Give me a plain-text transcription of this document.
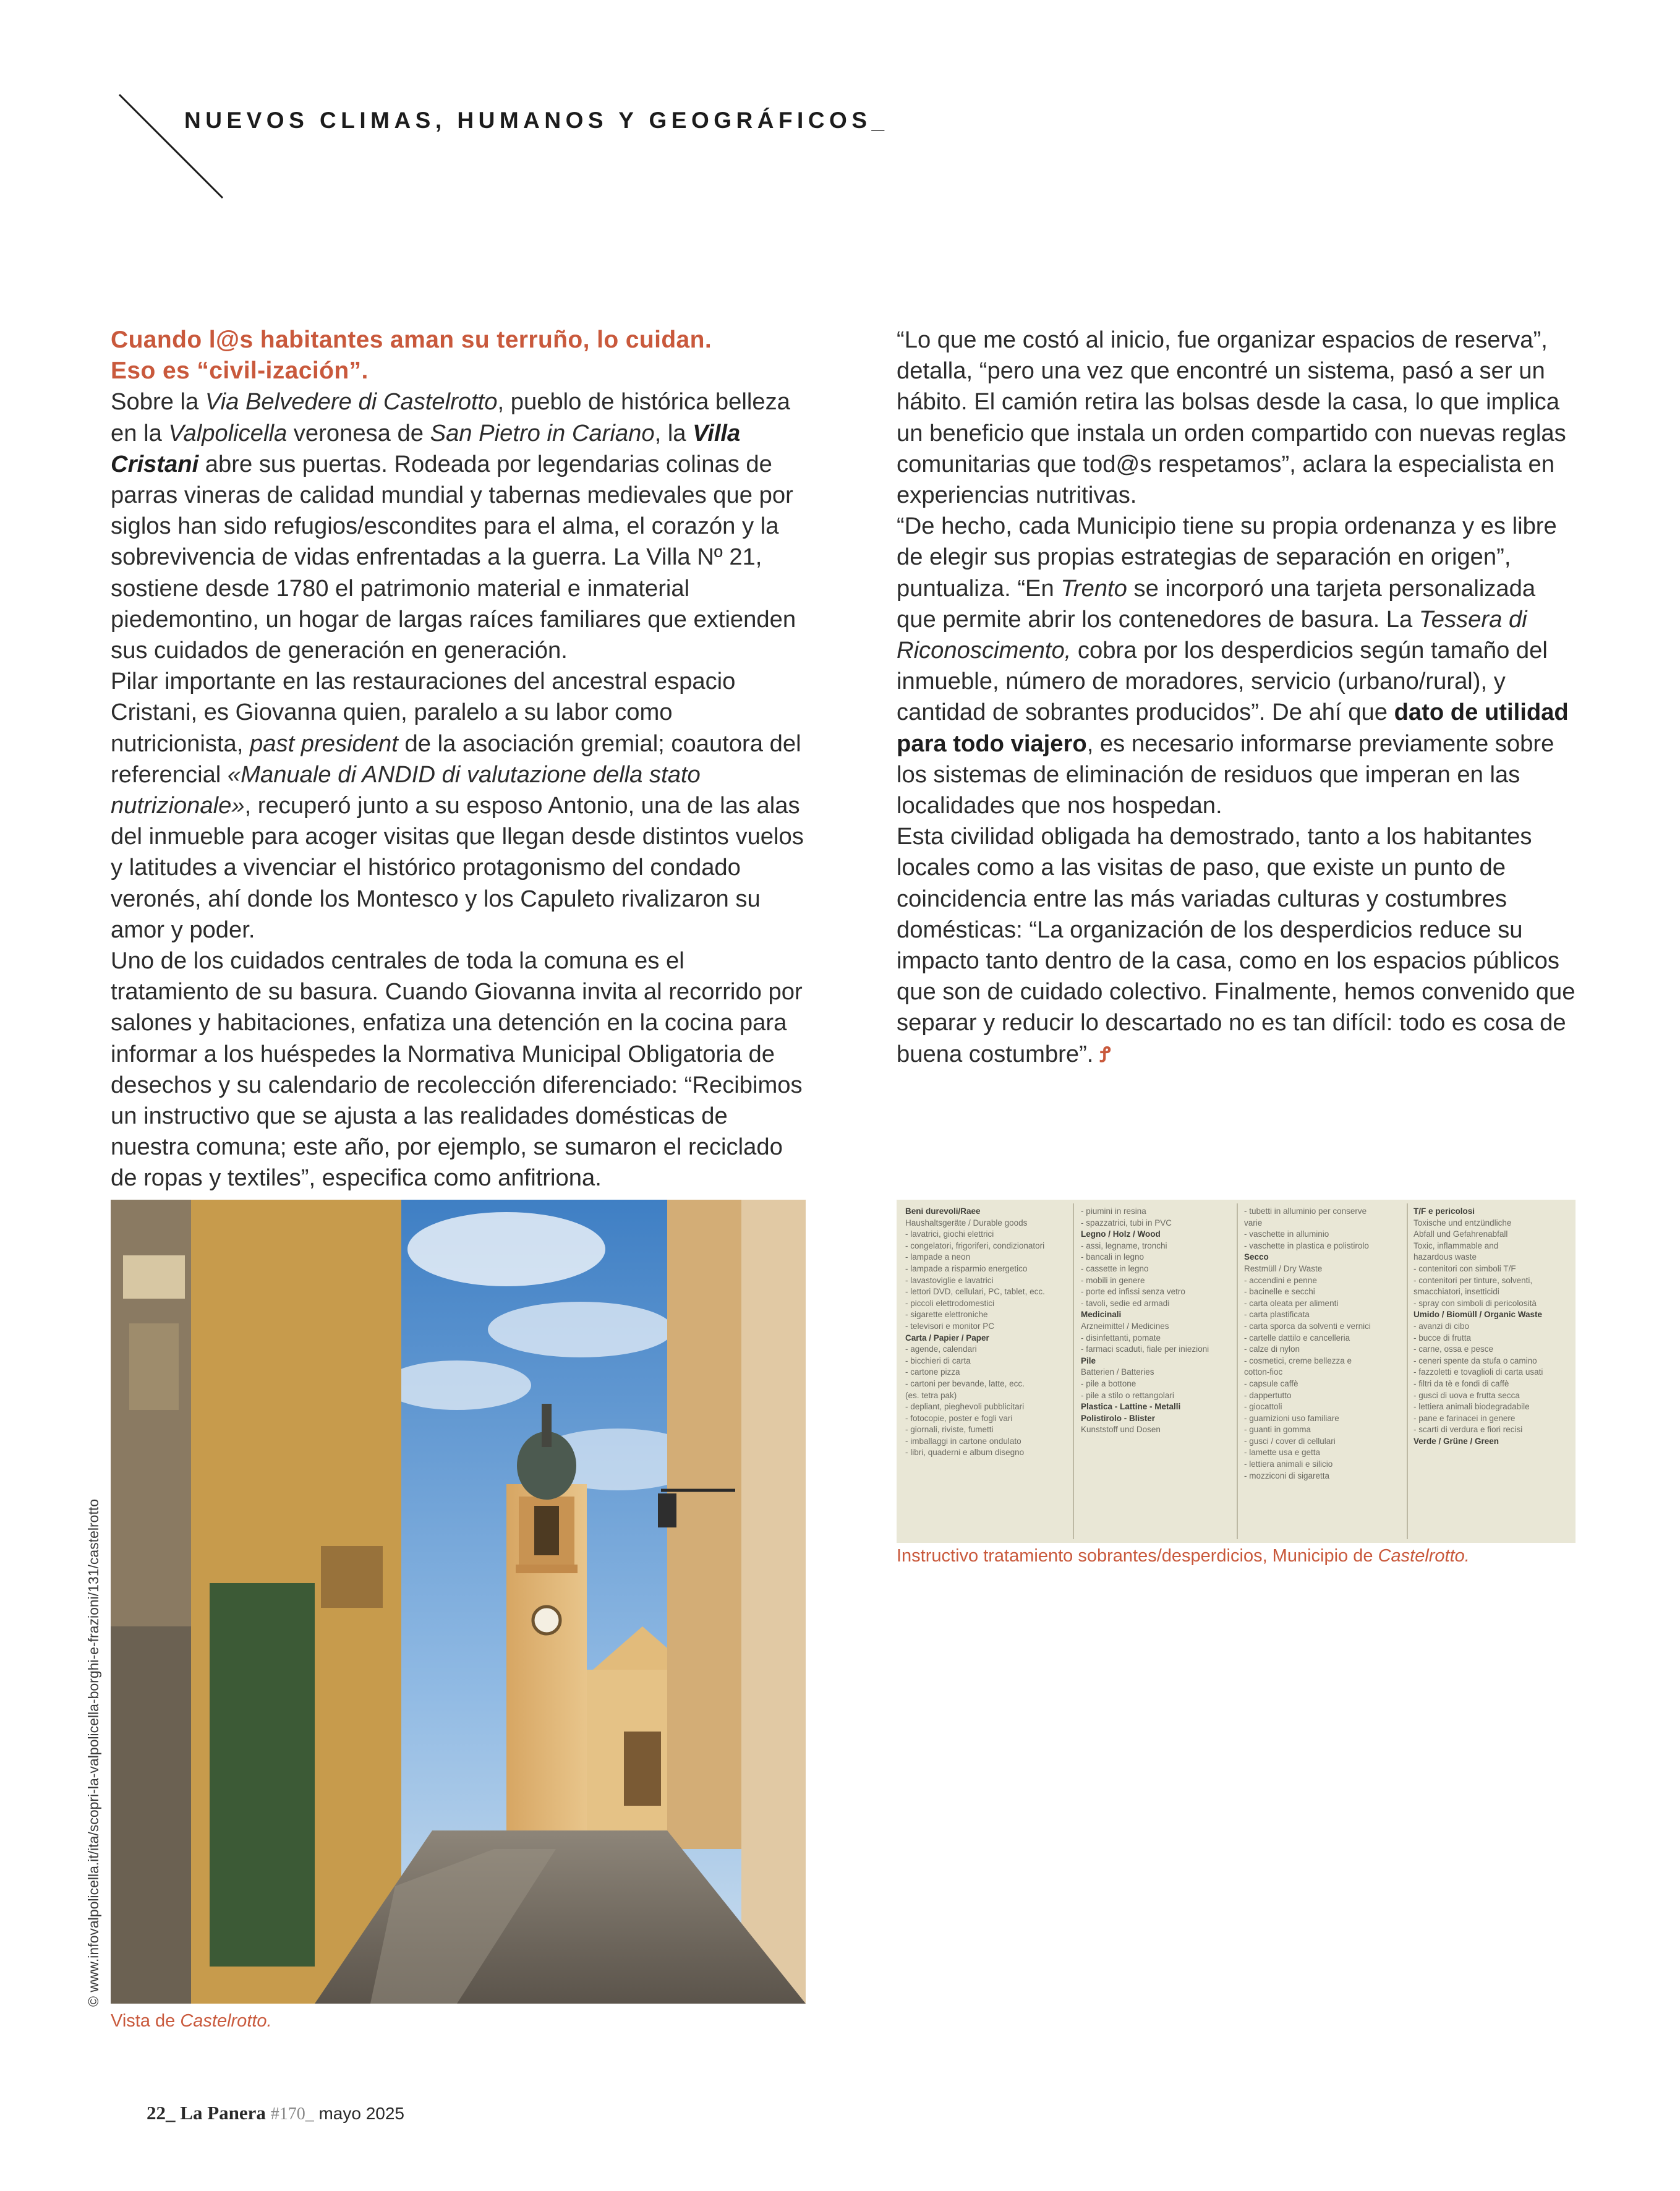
NUEVOS CLIMAS, HUMANOS Y GEOGRÁFICOS_

Cuando l@s habitantes aman su terruño, lo cuidan.
Eso es “civil-ización”.

Sobre la Via Belvedere di Castelrotto, pueblo de histórica belleza en la Valpolicella veronesa de San Pietro in Cariano, la Villa Cristani abre sus puertas. Rodeada por legendarias colinas de parras vineras de calidad mundial y tabernas medievales que por siglos han sido refugios/escondites para el alma, el corazón y la sobrevivencia de vidas enfrentadas a la guerra. La Villa Nº 21, sostiene desde 1780 el patrimonio material e inmaterial piedemontino, un hogar de largas raíces familiares que extienden sus cuidados de generación en generación.

Pilar importante en las restauraciones del ancestral espacio Cristani, es Giovanna quien, paralelo a su labor como nutricionista, past president de la asociación gremial; coautora del referencial «Manuale di ANDID di valutazione della stato nutrizionale», recuperó junto a su esposo Antonio, una de las alas del inmueble para acoger visitas que llegan desde distintos vuelos y latitudes a vivenciar el histórico protagonismo del condado veronés, ahí donde los Montesco y los Capuleto rivalizaron su amor y poder.

Uno de los cuidados centrales de toda la comuna es el tratamiento de su basura. Cuando Giovanna invita al recorrido por salones y habitaciones, enfatiza una detención en la cocina para informar a los huéspedes la Normativa Municipal Obligatoria de desechos y su calendario de recolección diferenciado: “Recibimos un instructivo que se ajusta a las realidades domésticas de nuestra comuna; este año, por ejemplo, se sumaron el reciclado de ropas y textiles”, especifica como anfitriona.

“Lo que me costó al inicio, fue organizar espacios de reserva”, detalla, “pero una vez que encontré un sistema, pasó a ser un hábito. El camión retira las bolsas desde la casa, lo que implica un beneficio que instala un orden compartido con nuevas reglas comunitarias que tod@s respetamos”, aclara la especialista en experiencias nutritivas.

“De hecho, cada Municipio tiene su propia ordenanza y es libre de elegir sus propias estrategias de separación en origen”, puntualiza. “En Trento se incorporó una tarjeta personalizada que permite abrir los contenedores de basura. La Tessera di Riconoscimento, cobra por los desperdicios según tamaño del inmueble, número de moradores, servicio (urbano/rural), y cantidad de sobrantes producidos”. De ahí que dato de utilidad para todo viajero, es necesario informarse previamente sobre los sistemas de eliminación de residuos que imperan en las localidades que nos hospedan.

Esta civilidad obligada ha demostrado, tanto a los habitantes locales como a las visitas de paso, que existe un punto de coincidencia entre las más variadas culturas y costumbres domésticas: “La organización de los desperdicios reduce su impacto tanto dentro de la casa, como en los espacios públicos que son de cuidado colectivo. Finalmente, hemos convenido que separar y reducir lo descartado no es tan difícil: todo es cosa de buena costumbre”. Ꝭ

© www.infovalpolicella.it/ita/scopri-la-valpolicella-borghi-e-frazioni/131/castelrotto
Vista de Castelrotto.
Beni durevoli/Raee
Haushaltsgeräte / Durable goods
- lavatrici, giochi elettrici
- congelatori, frigoriferi, condizionatori
- lampade a neon
- lampade a risparmio energetico
- lavastoviglie e lavatrici
- lettori DVD, cellulari, PC, tablet, ecc.
- piccoli elettrodomestici
- sigarette elettroniche
- televisori e monitor PC
Carta / Papier / Paper
- agende, calendari
- bicchieri di carta
- cartone pizza
- cartoni per bevande, latte, ecc.
(es. tetra pak)
- depliant, pieghevoli pubblicitari
- fotocopie, poster e fogli vari
- giornali, riviste, fumetti
- imballaggi in cartone ondulato
- libri, quaderni e album disegno
- piumini in resina
- spazzatrici, tubi in PVC
Legno / Holz / Wood
- assi, legname, tronchi
- bancali in legno
- cassette in legno
- mobili in genere
- porte ed infissi senza vetro
- tavoli, sedie ed armadi
Medicinali
Arzneimittel / Medicines
- disinfettanti, pomate
- farmaci scaduti, fiale per iniezioni
Pile
Batterien / Batteries
- pile a bottone
- pile a stilo o rettangolari
Plastica - Lattine - Metalli
Polistirolo - Blister
Kunststoff und Dosen
- tubetti in alluminio per conserve
varie
- vaschette in alluminio
- vaschette in plastica e polistirolo
Secco
Restmüll / Dry Waste
- accendini e penne
- bacinelle e secchi
- carta oleata per alimenti
- carta plastificata
- carta sporca da solventi e vernici
- cartelle dattilo e cancelleria
- calze di nylon
- cosmetici, creme bellezza e
cotton-fioc
- capsule caffè
- dappertutto
- giocattoli
- guarnizioni uso familiare
- guanti in gomma
- gusci / cover di cellulari
- lamette usa e getta
- lettiera animali e silicio
- mozziconi di sigaretta
T/F e pericolosi
Toxische und entzündliche
Abfall und Gefahrenabfall
Toxic, inflammable and
hazardous waste
- contenitori con simboli T/F
- contenitori per tinture, solventi,
smacchiatori, insetticidi
- spray con simboli di pericolosità
Umido / Biomüll / Organic Waste
- avanzi di cibo
- bucce di frutta
- carne, ossa e pesce
- ceneri spente da stufa o camino
- fazzoletti e tovaglioli di carta usati
- filtri da tè e fondi di caffè
- gusci di uova e frutta secca
- lettiera animali biodegradabile
- pane e farinacei in genere
- scarti di verdura e fiori recisi
Verde / Grüne / Green
Instructivo tratamiento sobrantes/desperdicios, Municipio de Castelrotto.
22_ La Panera #170_ mayo 2025
